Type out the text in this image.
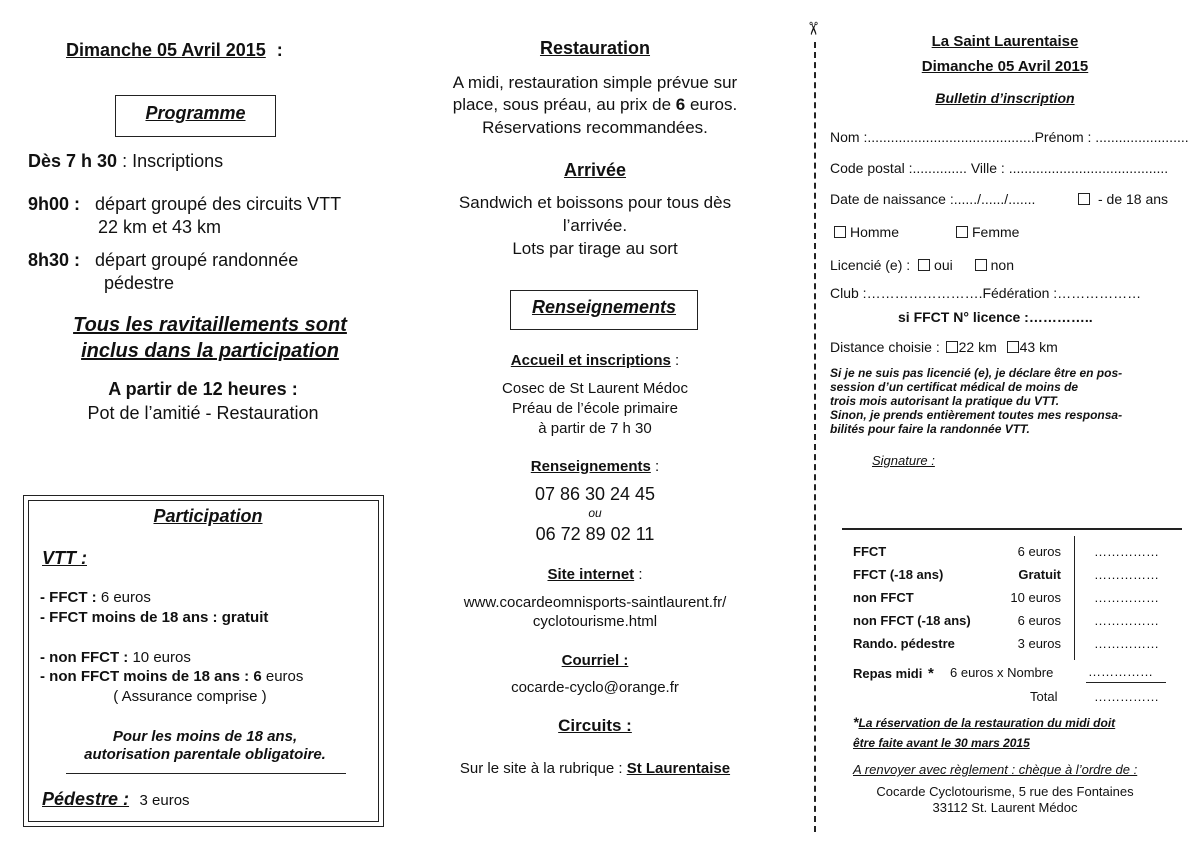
Dimanche 05 Avril 2015 :
Programme
Dès 7 h 30 : Inscriptions
9h00 : départ groupé des circuits VTT
22 km et 43 km
8h30 : départ groupé randonnée
pédestre
Tous les ravitaillements sont
inclus dans la participation
A partir de 12 heures :
Pot de l’amitié - Restauration
Participation
VTT :
- FFCT : 6 euros
- FFCT moins de 18 ans : gratuit
- non FFCT : 10 euros
- non FFCT moins de 18 ans : 6 euros
( Assurance comprise )
Pour les moins de 18 ans,
autorisation parentale obligatoire.
Pédestre : 3 euros
Restauration
A midi, restauration simple prévue sur
place, sous préau, au prix de 6 euros.
Réservations recommandées.
Arrivée
Sandwich et boissons pour tous dès
l’arrivée.
Lots par tirage au sort
Renseignements
Accueil et inscriptions :
Cosec de St Laurent Médoc
Préau de l’école primaire
à partir de 7 h 30
Renseignements :
07 86 30 24 45
ou
06 72 89 02 11
Site internet :
www.cocardeomnisports-saintlaurent.fr/
cyclotourisme.html
Courriel :
cocarde-cyclo@orange.fr
Circuits :
Sur le site à la rubrique : St Laurentaise
✂
La Saint Laurentaise
Dimanche 05 Avril 2015
Bulletin d’inscription
Nom :...........................................Prénom : ........................
Code postal :.............. Ville : .........................................
Date de naissance :....../....../.......	- de 18 ans
Homme	Femme
Licencié (e) : oui	non
Club :…………………….Fédération :………………
si FFCT N° licence :…………..
Distance choisie : 22 km 43 km
Si je ne suis pas licencié (e), je déclare être en pos-
session d’un certificat médical de moins de
trois mois autorisant la pratique du VTT.
Sinon, je prends entièrement toutes mes responsa-
bilités pour faire la randonnée VTT.
Signature :
FFCT	6 euros	……………
FFCT (-18 ans)	Gratuit	……………
non FFCT	10 euros	……………
non FFCT (-18 ans)	6 euros	……………
Rando. pédestre	3 euros	……………
Repas midi * 6 euros x Nombre	……………
Total	……………
*La réservation de la restauration du midi doit
être faite avant le 30 mars 2015
A renvoyer avec règlement : chèque à l’ordre de :
Cocarde Cyclotourisme, 5 rue des Fontaines
33112 St. Laurent Médoc
